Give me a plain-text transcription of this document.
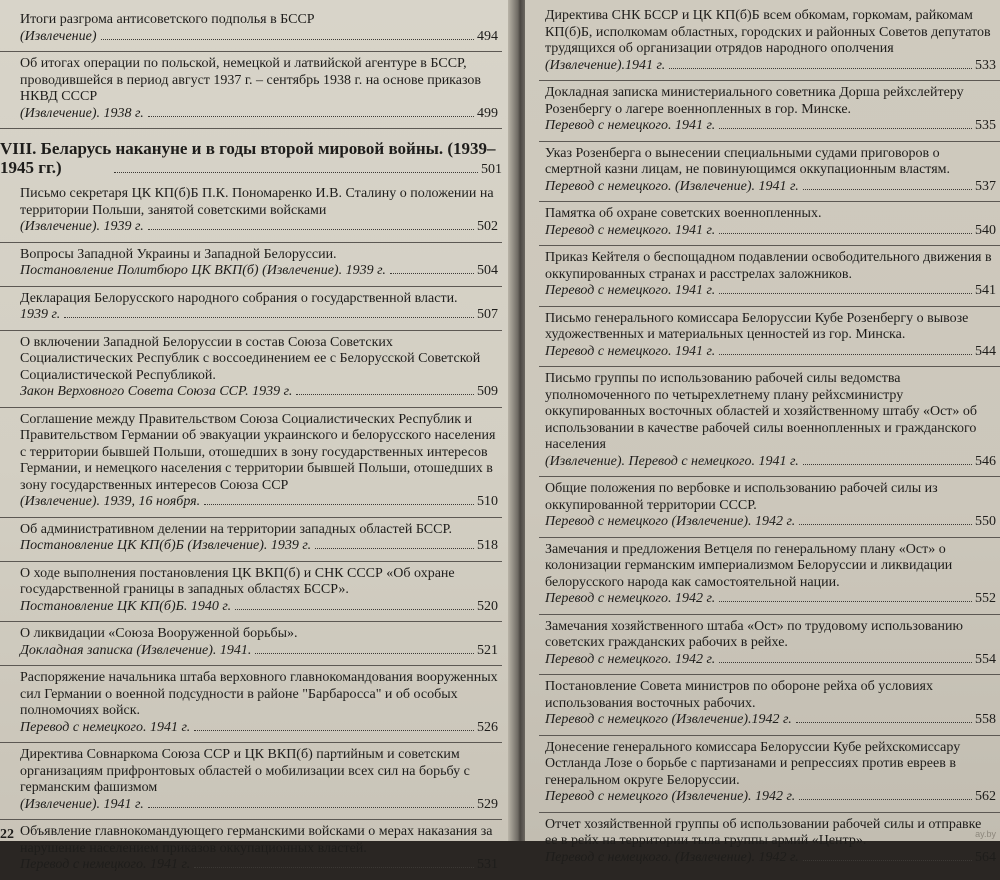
Итоги разгрома антисоветского подполья в БССР
(Извлечение)	494
Об итогах операции по польской, немецкой и латвийской агентуре в БССР, проводившейся в период август 1937 г. – сентябрь 1938 г. на основе приказов НКВД СССР
(Извлечение). 1938 г.	499
VIII. Беларусь накануне и в годы второй мировой войны. (1939–1945 гг.)	501
Письмо секретаря ЦК КП(б)Б П.К. Пономаренко И.В. Сталину о положении на территории Польши, занятой советскими войсками
(Извлечение). 1939 г.	502
Вопросы Западной Украины и Западной Белоруссии.
Постановление Политбюро ЦК ВКП(б) (Извлечение). 1939 г.	504
Декларация Белорусского народного собрания о государственной власти.
1939 г.	507
О включении Западной Белоруссии в состав Союза Советских Социалистических Республик с воссоединением ее с Белорусской Советской Социалистической Республикой.
Закон Верховного Совета Союза ССР. 1939 г.	509
Соглашение между Правительством Союза Социалистических Республик и Правительством Германии об эвакуации украинского и белорусского населения с территории бывшей Польши, отошедших в зону государственных интересов Германии, и немецкого населения с территории бывшей Польши, отошедших в зону государственных интересов Союза ССР
(Извлечение). 1939, 16 ноября.	510
Об административном делении на территории западных областей БССР.
Постановление ЦК КП(б)Б (Извлечение). 1939 г.	518
О ходе выполнения постановления ЦК ВКП(б) и СНК СССР «Об охране государственной границы в западных областях БССР».
Постановление ЦК КП(б)Б. 1940 г.	520
О ликвидации «Союза Вооруженной борьбы».
Докладная записка (Извлечение). 1941.	521
Распоряжение начальника штаба верховного главнокомандования вооруженных сил Германии о военной подсудности в районе "Барбаросса" и об особых полномочиях войск.
Перевод с немецкого. 1941 г.	526
Директива Совнаркома Союза ССР и ЦК ВКП(б) партийным и советским организациям прифронтовых областей о мобилизации всех сил на борьбу с германским фашизмом
(Извлечение). 1941 г.	529
Объявление главнокомандующего германскими войсками о мерах наказания за нарушение населением приказов оккупационных властей.
Перевод с немецкого. 1941 г.	531
22
Директива СНК БССР и ЦК КП(б)Б всем обкомам, горкомам, райкомам КП(б)Б, исполкомам областных, городских и районных Советов депутатов трудящихся об организации отрядов народного ополчения
(Извлечение).1941 г.	533
Докладная записка министериального советника Дорша рейхслейтеру Розенбергу о лагере военнопленных в гор. Минске.
Перевод с немецкого. 1941 г.	535
Указ Розенберга о вынесении специальными судами приговоров о смертной казни лицам, не повинующимся оккупационным властям.
Перевод с немецкого. (Извлечение). 1941 г.	537
Памятка об охране советских военнопленных.
Перевод с немецкого. 1941 г.	540
Приказ Кейтеля о беспощадном подавлении освободительного движения в оккупированных странах и расстрелах заложников.
Перевод с немецкого. 1941 г.	541
Письмо генерального комиссара Белоруссии Кубе Розенбергу о вывозе художественных и материальных ценностей из гор. Минска.
Перевод с немецкого. 1941 г.	544
Письмо группы по использованию рабочей силы ведомства уполномоченного по четырехлетнему плану рейхсминистру оккупированных восточных областей и хозяйственному штабу «Ост» об использовании в качестве рабочей силы военнопленных и гражданского населения
(Извлечение). Перевод с немецкого. 1941 г.	546
Общие положения по вербовке и использованию рабочей силы из оккупированной территории СССР.
Перевод с немецкого (Извлечение). 1942 г.	550
Замечания и предложения Ветцеля по генеральному плану «Ост» о колонизации германским империализмом Белоруссии и ликвидации белорусского народа как самостоятельной нации.
Перевод с немецкого. 1942 г.	552
Замечания хозяйственного штаба «Ост» по трудовому использованию советских гражданских рабочих в рейхе.
Перевод с немецкого. 1942 г.	554
Постановление Совета министров по обороне рейха об условиях использования восточных рабочих.
Перевод с немецкого (Извлечение).1942 г.	558
Донесение генерального комиссара Белоруссии Кубе рейхскомиссару Остланда Лозе о борьбе с партизанами и репрессиях против евреев в генеральном округе Белоруссии.
Перевод с немецкого (Извлечение). 1942 г.	562
Отчет хозяйственной группы об использовании рабочей силы и отправке ее в рейх на территории тыла группы армий «Центр».
Перевод с немецкого. (Извлечение). 1942 г.	564
ay.by
